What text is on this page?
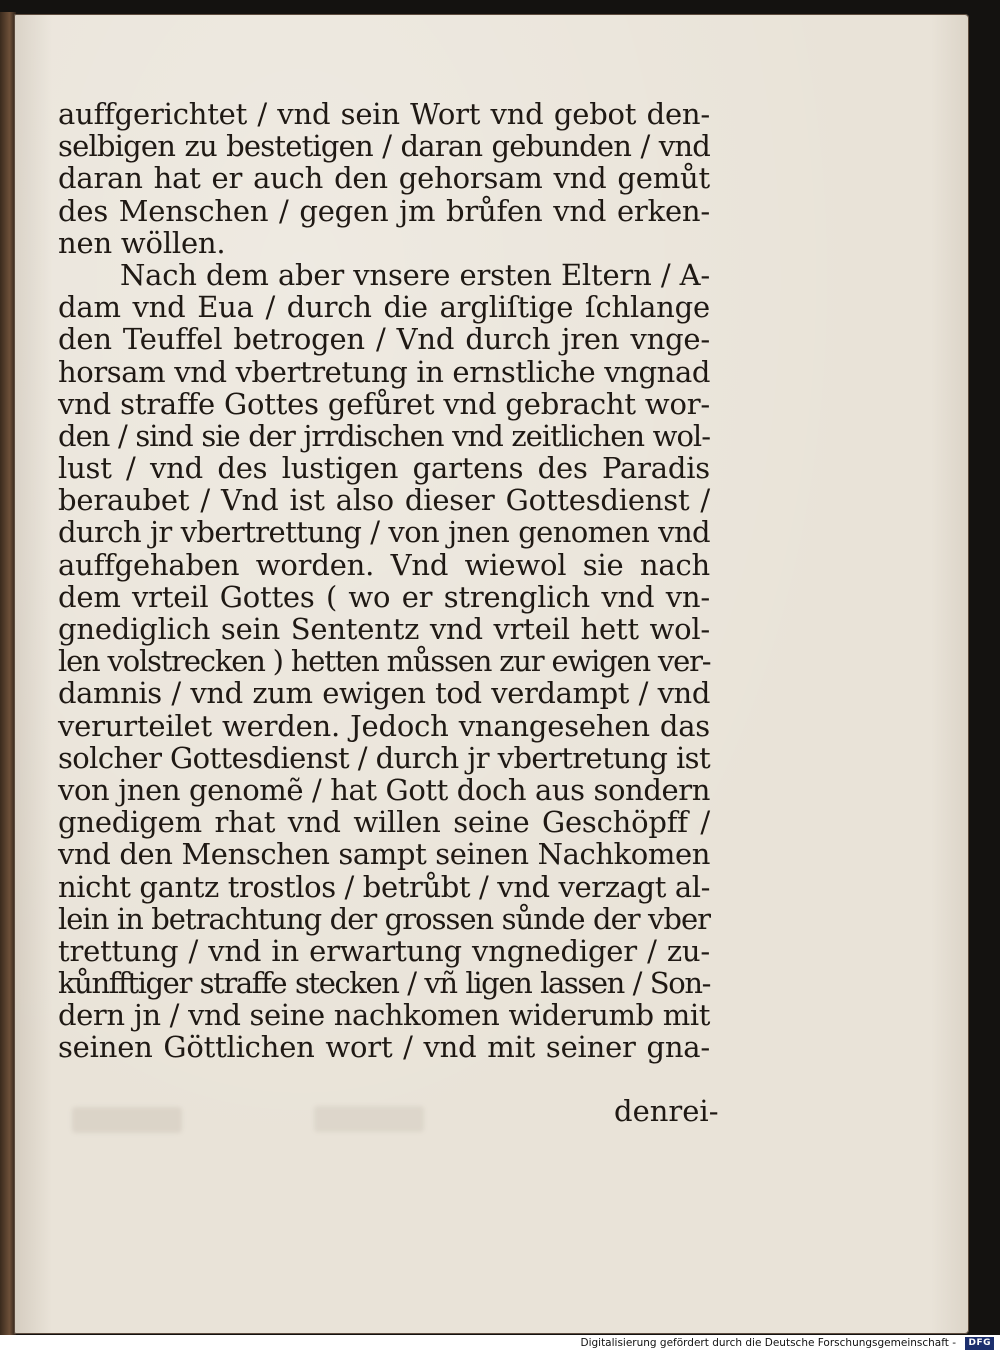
auffgerichtet / vnd sein Wort vnd gebot den-
selbigen zu bestetigen / daran gebunden / vnd
daran hat er auch den gehorsam vnd gemůt
des Menschen / gegen jm brůfen vnd erken-
nen wöllen.
Nach dem aber vnsere ersten Eltern / A-
dam vnd Eua / durch die argliſtige ſchlange
den Teuffel betrogen / Vnd durch jren vnge-
horsam vnd vbertretung in ernstliche vngnad
vnd straffe Gottes gefůret vnd gebracht wor-
den / sind sie der jrrdischen vnd zeitlichen wol-
lust / vnd des lustigen gartens des Paradis
beraubet / Vnd ist also dieser Gottesdienst /
durch jr vbertrettung / von jnen genomen vnd
auffgehaben worden. Vnd wiewol sie nach
dem vrteil Gottes ( wo er strenglich vnd vn-
gnediglich sein Sententz vnd vrteil hett wol-
len volstrecken ) hetten můssen zur ewigen ver-
damnis / vnd zum ewigen tod verdampt / vnd
verurteilet werden. Jedoch vnangesehen das
solcher Gottesdienst / durch jr vbertretung ist
von jnen genomẽ / hat Gott doch aus sondern
gnedigem rhat vnd willen seine Geschöpff /
vnd den Menschen sampt seinen Nachkomen
nicht gantz trostlos / betrůbt / vnd verzagt al-
lein in betrachtung der grossen sůnde der vber
trettung / vnd in erwartung vngnediger / zu-
kůnfftiger straffe stecken / vñ ligen lassen / Son-
dern jn / vnd seine nachkomen widerumb mit
seinen Göttlichen wort / vnd mit seiner gna-
denrei-
Digitalisierung gefördert durch die Deutsche Forschungsgemeinschaft -	DFG
